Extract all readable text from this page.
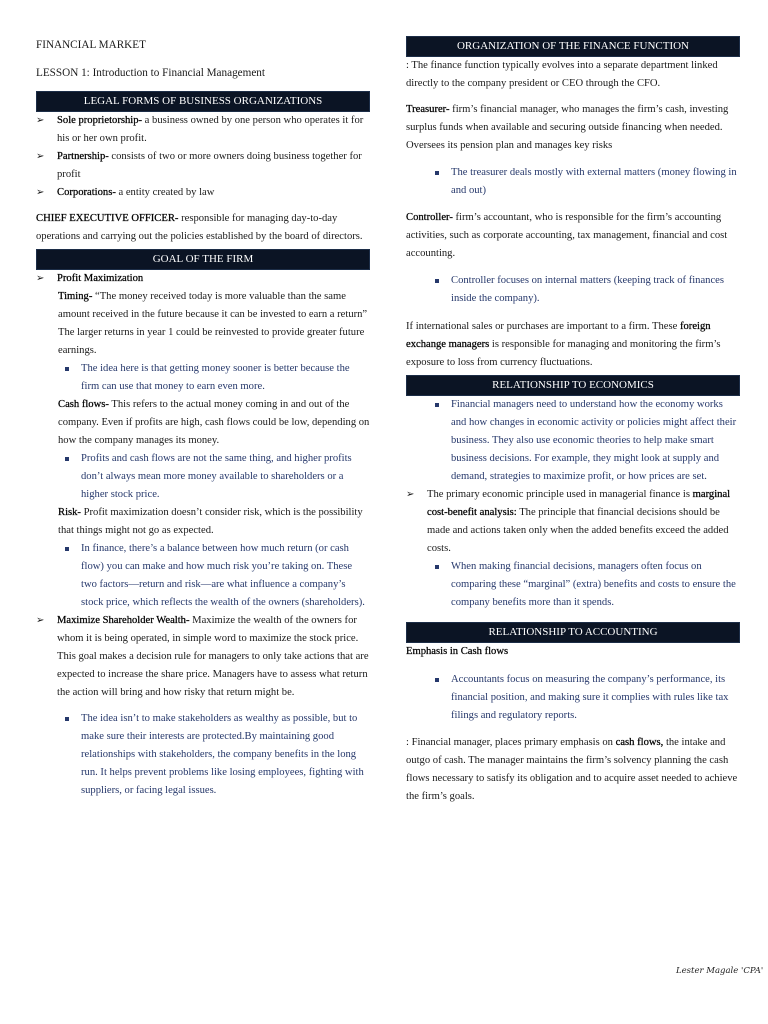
FINANCIAL MARKET

LESSON 1: Introduction to Financial Management

LEGAL FORMS OF BUSINESS ORGANIZATIONS
➢ Sole proprietorship- a business owned by one person who operates it for his or her own profit.
➢ Partnership- consists of two or more owners doing business together for profit
➢ Corporations- a entity created by law

CHIEF EXECUTIVE OFFICER- responsible for managing day-to-day operations and carrying out the policies established by the board of directors.

GOAL OF THE FIRM
➢ Profit Maximization

Timing- “The money received today is more valuable than the same amount received in the future because it can be invested to earn a return” The larger returns in year 1 could be reinvested to provide greater future earnings.

The idea here is that getting money sooner is better because the firm can use that money to earn even more.

Cash flows- This refers to the actual money coming in and out of the company. Even if profits are high, cash flows could be low, depending on how the company manages its money.

Profits and cash flows are not the same thing, and higher profits don’t always mean more money available to shareholders or a higher stock price.

Risk- Profit maximization doesn’t consider risk, which is the possibility that things might not go as expected.

In finance, there’s a balance between how much return (or cash flow) you can make and how much risk you’re taking on. These two factors—return and risk—are what influence a company’s stock price, which reflects the wealth of the owners (shareholders).
➢ Maximize Shareholder Wealth- Maximize the wealth of the owners for whom it is being operated, in simple word to maximize the stock price. This goal makes a decision rule for managers to only take actions that are expected to increase the share price. Managers have to assess what return the action will bring and how risky that return might be.
The idea isn’t to make stakeholders as wealthy as possible, but to make sure their interests are protected.By maintaining good relationships with stakeholders, the company benefits in the long run. It helps prevent problems like losing employees, fighting with suppliers, or facing legal issues.
ORGANIZATION OF THE FINANCE FUNCTION

: The finance function typically evolves into a separate department linked directly to the company president or CEO through the CFO.

Treasurer- firm’s financial manager, who manages the firm’s cash, investing surplus funds when available and securing outside financing when needed. Oversees its pension plan and manages key risks

The treasurer deals mostly with external matters (money flowing in and out)

Controller- firm’s accountant, who is responsible for the firm’s accounting activities, such as corporate accounting, tax management, financial and cost accounting.

Controller focuses on internal matters (keeping track of finances inside the company).

If international sales or purchases are important to a firm. These foreign exchange managers is responsible for managing and monitoring the firm’s exposure to loss from currency fluctuations.

RELATIONSHIP TO ECONOMICS
Financial managers need to understand how the economy works and how changes in economic activity or policies might affect their business. They also use economic theories to help make smart business decisions. For example, they might look at supply and demand, strategies to maximize profit, or how prices are set.
➢ The primary economic principle used in managerial finance is marginal cost-benefit analysis: The principle that financial decisions should be made and actions taken only when the added benefits exceed the added costs.
When making financial decisions, managers often focus on comparing these “marginal” (extra) benefits and costs to ensure the company benefits more than it spends.
RELATIONSHIP TO ACCOUNTING

Emphasis in Cash flows

Accountants focus on measuring the company’s performance, its financial position, and making sure it complies with rules like tax filings and regulatory reports.

: Financial manager, places primary emphasis on cash flows, the intake and outgo of cash. The manager maintains the firm’s solvency planning the cash flows necessary to satisfy its obligation and to acquire asset needed to achieve the firm’s goals.

Lester Magale 'CPA'
